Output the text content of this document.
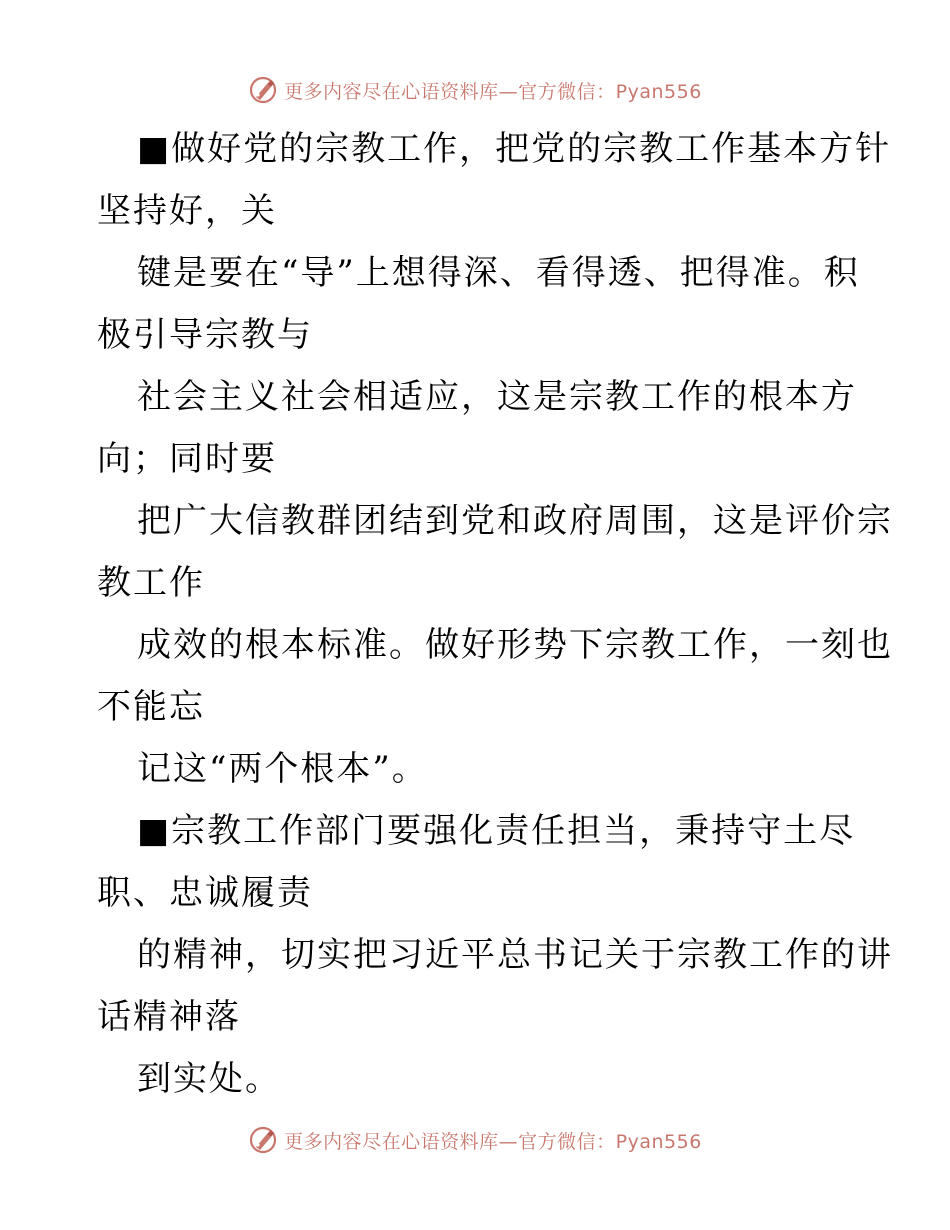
更多内容尽在心语资料库—官方微信：Pyan556
■做好党的宗教工作，把党的宗教工作基本方针
坚持好，关
键是要在“导”上想得深、看得透、把得准。积
极引导宗教与
社会主义社会相适应，这是宗教工作的根本方
向；同时要
把广大信教群团结到党和政府周围，这是评价宗
教工作
成效的根本标准。做好形势下宗教工作，一刻也
不能忘
记这“两个根本”。
■宗教工作部门要强化责任担当，秉持守土尽
职、忠诚履责
的精神，切实把习近平总书记关于宗教工作的讲
话精神落
到实处。
更多内容尽在心语资料库—官方微信：Pyan556
